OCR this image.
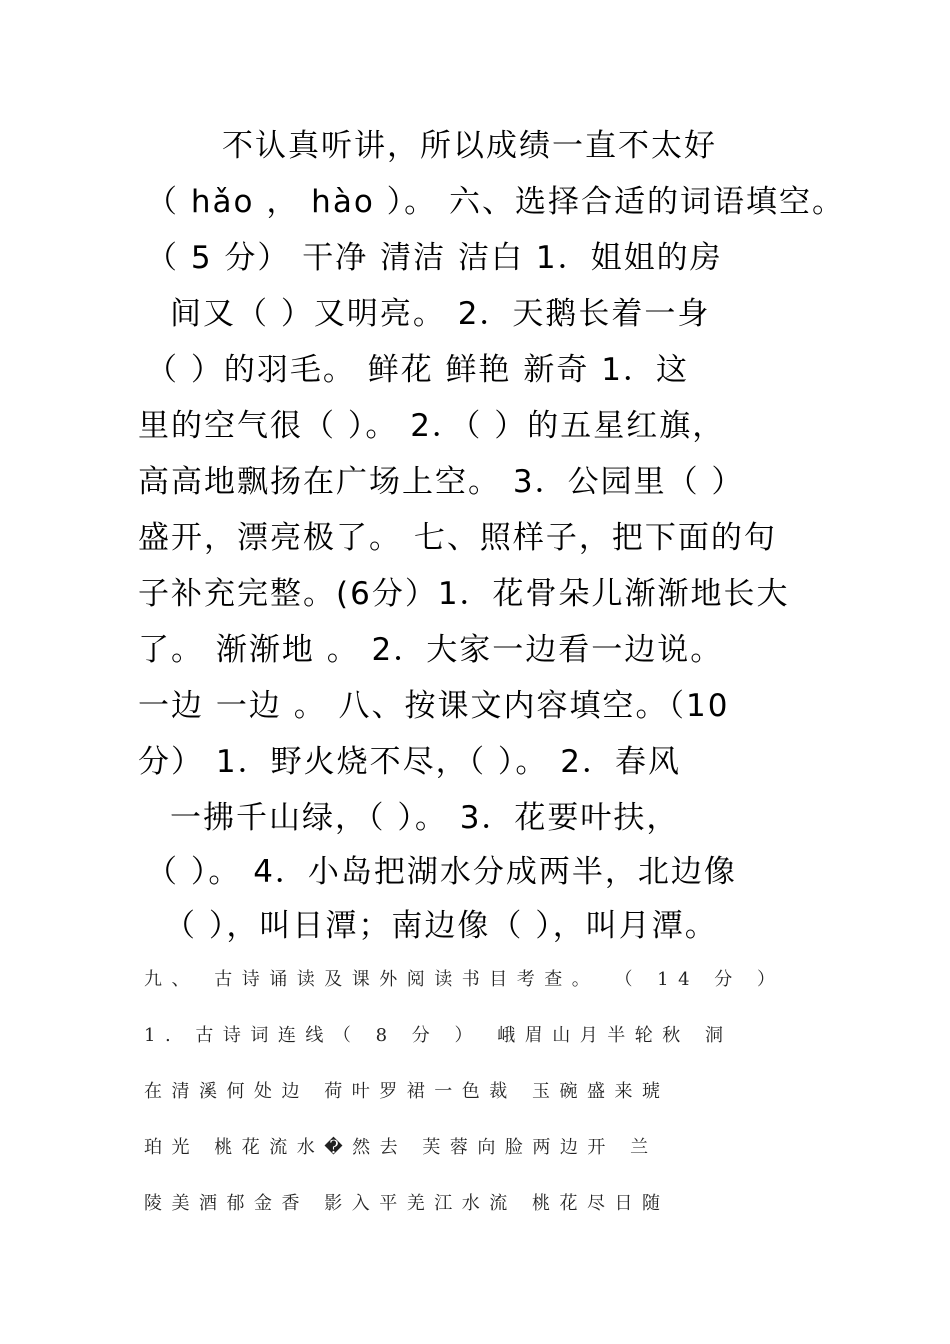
不认真听讲，所以成绩一直不太好
（ hǎo ， hào ）。 六、选择合适的词语填空。
（ 5 分） 干净 清洁 洁白 1．姐姐的房
间又（ ）又明亮。 2．天鹅长着一身
（ ）的羽毛。 鲜花 鲜艳 新奇 1．这
里的空气很（ ）。 2．（ ）的五星红旗，
高高地飘扬在广场上空。 3．公园里（ ）
盛开，漂亮极了。 七、照样子，把下面的句
子补充完整。(6分）1．花骨朵儿渐渐地长大
了。 渐渐地 。 2．大家一边看一边说。
一边 一边 。 八、按课文内容填空。（10
分） 1．野火烧不尽，（ ）。 2．春风
一拂千山绿，（ ）。 3．花要叶扶，
（ ）。 4．小岛把湖水分成两半，北边像
（ ），叫日潭；南边像（ ），叫月潭。
九、 古诗诵读及课外阅读书目考查。 （ 14 分 ）
1. 古诗词连线（ 8 分 ） 峨眉山月半轮秋 洞
在清溪何处边 荷叶罗裙一色裁 玉碗盛来琥
珀光 桃花流水�然去 芙蓉向脸两边开 兰
陵美酒郁金香 影入平羌江水流 桃花尽日随
